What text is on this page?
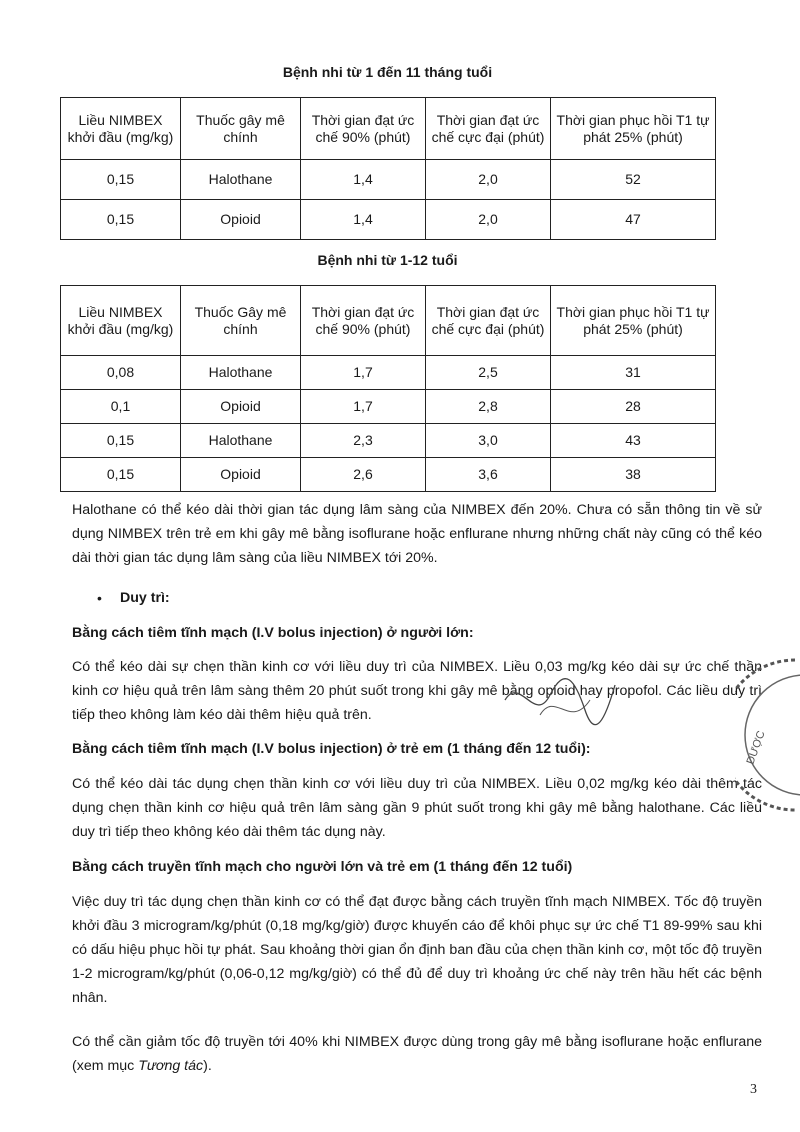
Bệnh nhi từ 1 đến 11 tháng tuổi
Liều NIMBEX khởi đầu (mg/kg)	Thuốc gây mê chính	Thời gian đạt ức chế 90% (phút)	Thời gian đạt ức chế cực đại (phút)	Thời gian phục hồi T1 tự phát 25% (phút)
0,15	Halothane	1,4	2,0	52
0,15	Opioid	1,4	2,0	47
Bệnh nhi từ 1-12 tuổi
Liều NIMBEX khởi đầu (mg/kg)	Thuốc Gây mê chính	Thời gian đạt ức chế 90% (phút)	Thời gian đạt ức chế cực đại (phút)	Thời gian phục hồi T1 tự phát 25% (phút)
0,08	Halothane	1,7	2,5	31
0,1	Opioid	1,7	2,8	28
0,15	Halothane	2,3	3,0	43
0,15	Opioid	2,6	3,6	38
Halothane có thể kéo dài thời gian tác dụng lâm sàng của NIMBEX đến 20%. Chưa có sẵn thông tin về sử dụng NIMBEX trên trẻ em khi gây mê bằng isoflurane hoặc enflurane nhưng những chất này cũng có thể kéo dài thời gian tác dụng lâm sàng của liều NIMBEX tới 20%.
• Duy trì:
Bằng cách tiêm tĩnh mạch (I.V bolus injection) ở người lớn:
Có thể kéo dài sự chẹn thần kinh cơ với liều duy trì của NIMBEX. Liều 0,03 mg/kg kéo dài sự ức chế thần kinh cơ hiệu quả trên lâm sàng thêm 20 phút suốt trong khi gây mê bằng opioid hay propofol. Các liều duy trì tiếp theo không làm kéo dài thêm hiệu quả trên.
Bằng cách tiêm tĩnh mạch (I.V bolus injection) ở trẻ em (1 tháng đến 12 tuổi):
Có thể kéo dài tác dụng chẹn thần kinh cơ với liều duy trì của NIMBEX. Liều 0,02 mg/kg kéo dài thêm tác dụng chẹn thần kinh cơ hiệu quả trên lâm sàng gần 9 phút suốt trong khi gây mê bằng halothane. Các liều duy trì tiếp theo không kéo dài thêm tác dụng này.
Bằng cách truyền tĩnh mạch cho người lớn và trẻ em (1 tháng đến 12 tuổi)
Việc duy trì tác dụng chẹn thần kinh cơ có thể đạt được bằng cách truyền tĩnh mạch NIMBEX. Tốc độ truyền khởi đầu 3 microgram/kg/phút (0,18 mg/kg/giờ) được khuyến cáo để khôi phục sự ức chế T1 89-99% sau khi có dấu hiệu phục hồi tự phát. Sau khoảng thời gian ổn định ban đầu của chẹn thần kinh cơ, một tốc độ truyền 1-2 microgram/kg/phút (0,06-0,12 mg/kg/giờ) có thể đủ để duy trì khoảng ức chế này trên hầu hết các bệnh nhân.
Có thể cần giảm tốc độ truyền tới 40% khi NIMBEX được dùng trong gây mê bằng isoflurane hoặc enflurane (xem mục Tương tác).
DƯỢC
3
